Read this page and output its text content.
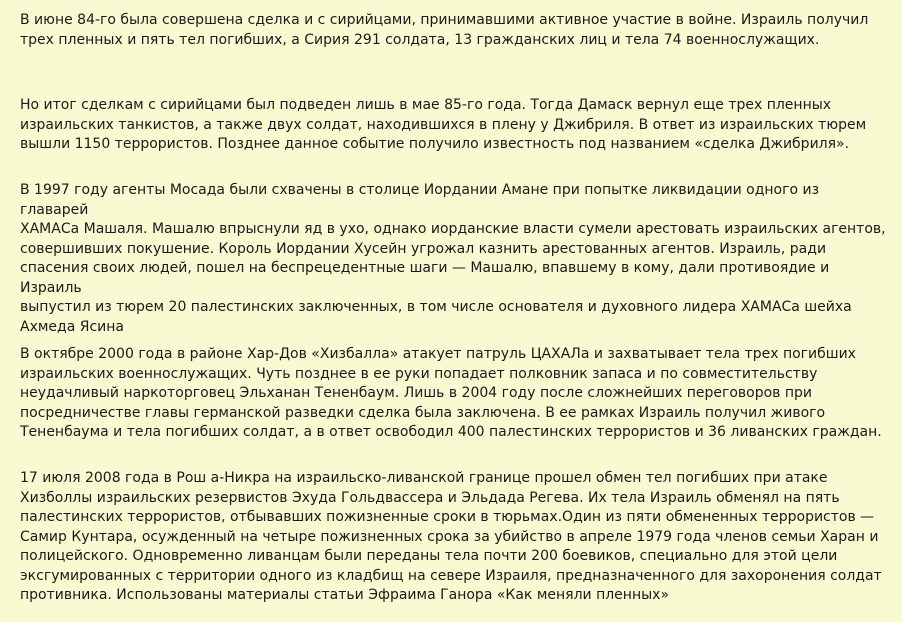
В июне 84-го была совершена сделка и с сирийцами, принимавшими активное участие в войне. Израиль получил
трех пленных и пять тел погибших, а Сирия 291 солдата, 13 гражданских лиц и тела 74 военнослужащих.

Но итог сделкам с сирийцами был подведен лишь в мае 85-го года. Тогда Дамаск вернул еще трех пленных
израильских танкистов, а также двух солдат, находившихся в плену у Джибриля. В ответ из израильских тюрем
вышли 1150 террористов. Позднее данное событие получило известность под названием «сделка Джибриля».

В 1997 году агенты Мосада были схвачены в столице Иордании Амане при попытке ликвидации одного из главарей
ХАМАСа Машаля. Машалю впрыснули яд в ухо, однако иорданские власти сумели арестовать израильских агентов,
совершивших покушение. Король Иордании Хусейн угрожал казнить арестованных агентов. Израиль, ради
спасения своих людей, пошел на беспрецедентные шаги — Машалю, впавшему в кому, дали противоядие и Израиль
выпустил из тюрем 20 палестинских заключенных, в том числе основателя и духовного лидера ХАМАСа шейха
Ахмеда Ясина

В октябре 2000 года в районе Хар-Дов «Хизбалла» атакует патруль ЦАХАЛа и захватывает тела трех погибших
израильских военнослужащих. Чуть позднее в ее руки попадает полковник запаса и по совместительству
неудачливый наркоторговец Эльханан Тененбаум. Лишь в 2004 году после сложнейших переговоров при
посредничестве главы германской разведки сделка была заключена. В ее рамках Израиль получил живого
Тененбаума и тела погибших солдат, а в ответ освободил 400 палестинских террористов и 36 ливанских граждан.

17 июля 2008 года в Рош а-Никра на израильско-ливанской границе прошел обмен тел погибших при атаке
Хизболлы израильских резервистов Эхуда Гольдвассера и Эльдада Регева. Их тела Израиль обменял на пять
палестинских террористов, отбывавших пожизненные сроки в тюрьмах.Один из пяти обмененных террористов —
Самир Кунтара, осужденный на четыре пожизненных срока за убийство в апреле 1979 года членов семьи Харан и
полицейского. Одновременно ливанцам были переданы тела почти 200 боевиков, специально для этой цели
эксгумированных с территории одного из кладбищ на севере Израиля, предназначенного для захоронения солдат
противника. Использованы материалы статьи Эфраима Ганора «Как меняли пленных»
